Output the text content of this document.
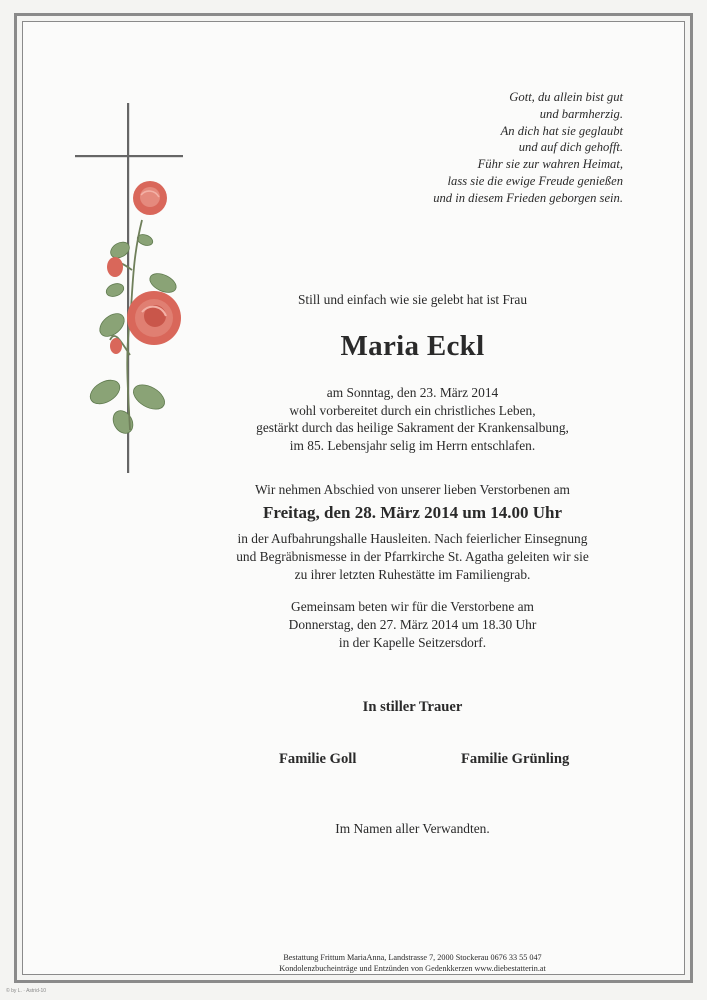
Gott, du allein bist gut
und barmherzig.
An dich hat sie geglaubt
und auf dich gehofft.
Führ sie zur wahren Heimat,
lass sie die ewige Freude genießen
und in diesem Frieden geborgen sein.
Still und einfach wie sie gelebt hat ist Frau
Maria Eckl
am Sonntag, den 23. März 2014
wohl vorbereitet durch ein christliches Leben,
gestärkt durch das heilige Sakrament der Krankensalbung,
im 85. Lebensjahr selig im Herrn entschlafen.
Wir nehmen Abschied von unserer lieben Verstorbenen am
Freitag, den 28. März 2014 um 14.00 Uhr
in der Aufbahrungshalle Hausleiten. Nach feierlicher Einsegnung
und Begräbnismesse in der Pfarrkirche St. Agatha geleiten wir sie
zu ihrer letzten Ruhestätte im Familiengrab.
Gemeinsam beten wir für die Verstorbene am
Donnerstag, den 27. März 2014 um 18.30 Uhr
in der Kapelle Seitzersdorf.
In stiller Trauer
Familie Goll	Familie Grünling
Im Namen aller Verwandten.
Bestattung Frittum MariaAnna, Landstrasse 7, 2000 Stockerau 0676 33 55 047
Kondolenzbucheinträge und Entzünden von Gedenkkerzen www.diebestatterin.at
© by L. · Astrid-10
